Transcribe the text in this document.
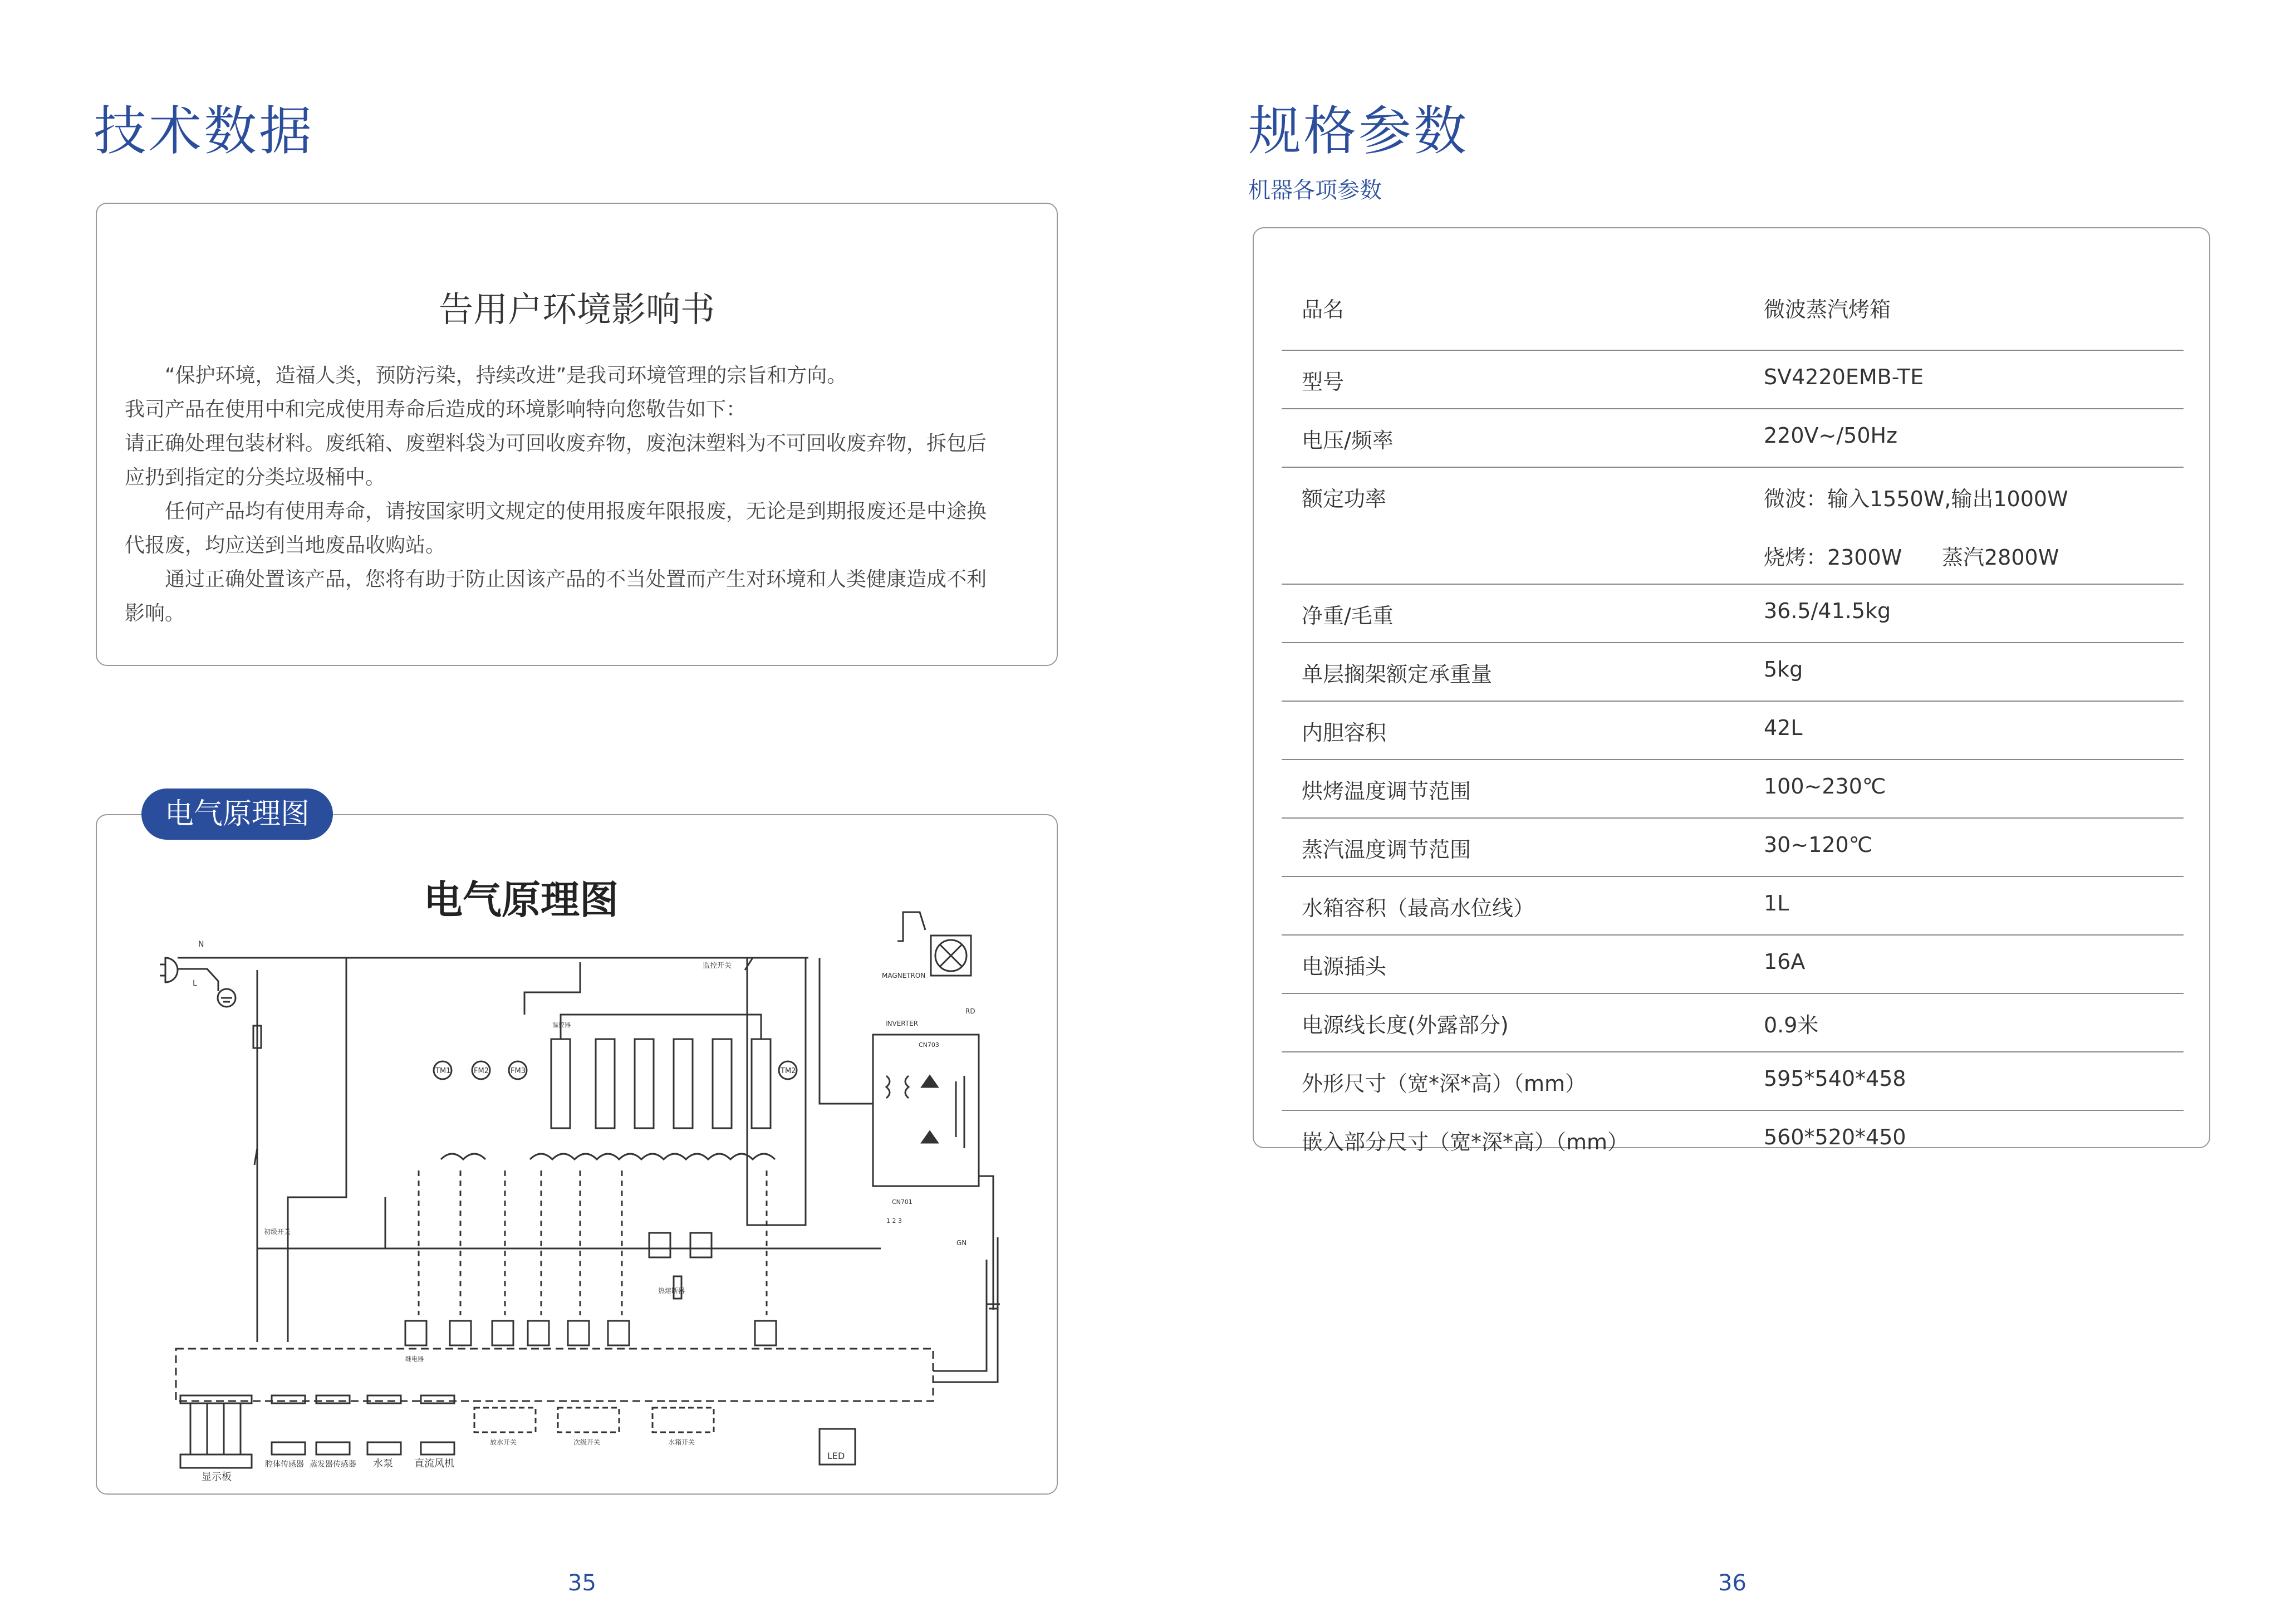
技术数据
告用户环境影响书

“保护环境，造福人类，预防污染，持续改进”是我司环境管理的宗旨和方向。

我司产品在使用中和完成使用寿命后造成的环境影响特向您敬告如下：

请正确处理包装材料。废纸箱、废塑料袋为可回收废弃物，废泡沫塑料为不可回收废弃物，拆包后

应扔到指定的分类垃圾桶中。

任何产品均有使用寿命，请按国家明文规定的使用报废年限报废，无论是到期报废还是中途换

代报废，均应送到当地废品收购站。

通过正确处置该产品，您将有助于防止因该产品的不当处置而产生对环境和人类健康造成不利

影响。

电气原理图
电气原理图
N
L
TM1	FM2	FM3	TM2
监控开关
MAGNETRON
RD
INVERTER
CN703
CN701
1 2 3
GN
热熔断器
继电器
温控器
初级开关
显示板
腔体传感器 蒸发器传感器 水泵 直流风机
放水开关	次级开关	水箱开关
LED
35
规格参数
机器各项参数
品名	微波蒸汽烤箱
型号	SV4220EMB-TE
电压/频率	220V~/50Hz
额定功率	微波：输入1550W,输出1000W
烧烤：2300W 蒸汽2800W
净重/毛重	36.5/41.5kg
单层搁架额定承重量	5kg
内胆容积	42L
烘烤温度调节范围	100~230℃
蒸汽温度调节范围	30~120℃
水箱容积（最高水位线）	1L
电源插头	16A
电源线长度(外露部分)	0.9米
外形尺寸（宽*深*高）（mm）	595*540*458
嵌入部分尺寸（宽*深*高）（mm）	560*520*450
36
